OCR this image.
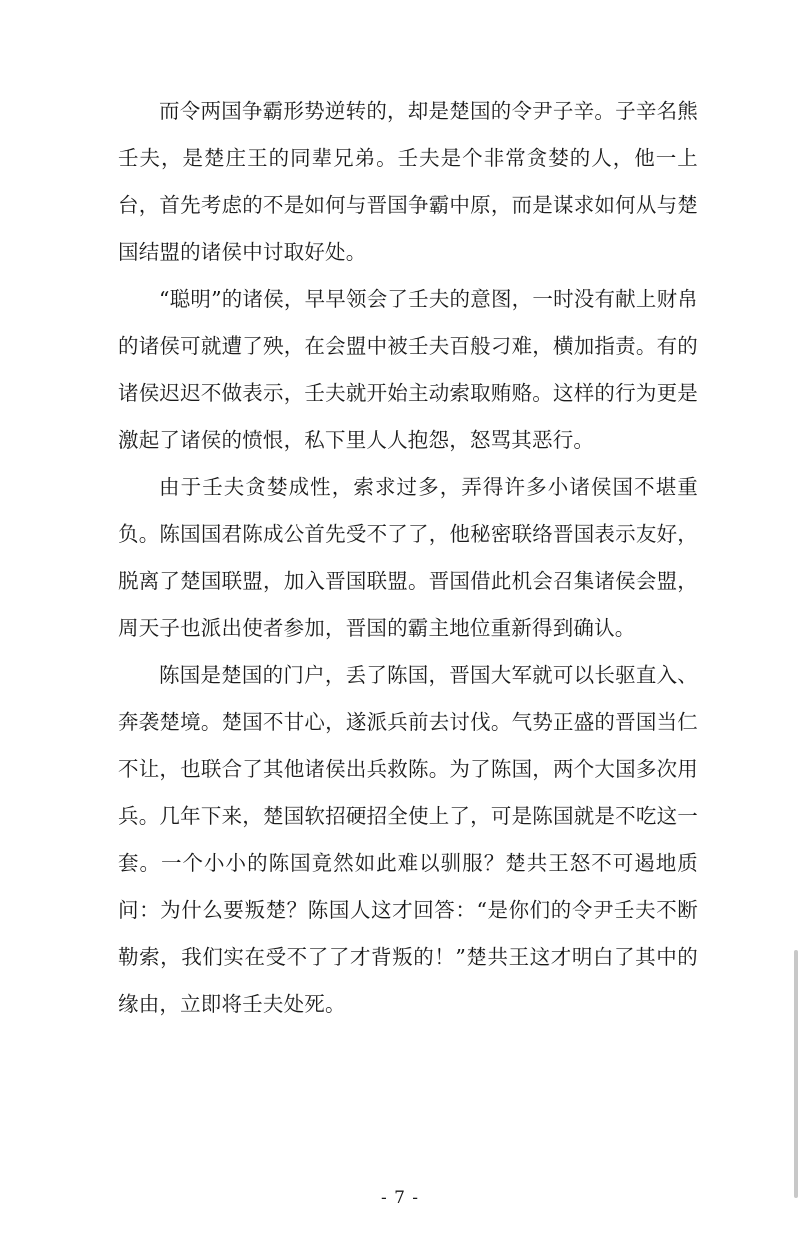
而令两国争霸形势逆转的，却是楚国的令尹子辛。子辛名熊壬夫，是楚庄王的同辈兄弟。壬夫是个非常贪婪的人，他一上台，首先考虑的不是如何与晋国争霸中原，而是谋求如何从与楚国结盟的诸侯中讨取好处。

“聪明”的诸侯，早早领会了壬夫的意图，一时没有献上财帛的诸侯可就遭了殃，在会盟中被壬夫百般刁难，横加指责。有的诸侯迟迟不做表示，壬夫就开始主动索取贿赂。这样的行为更是激起了诸侯的愤恨，私下里人人抱怨，怒骂其恶行。

由于壬夫贪婪成性，索求过多，弄得许多小诸侯国不堪重负。陈国国君陈成公首先受不了了，他秘密联络晋国表示友好，脱离了楚国联盟，加入晋国联盟。晋国借此机会召集诸侯会盟，周天子也派出使者参加，晋国的霸主地位重新得到确认。

陈国是楚国的门户，丢了陈国，晋国大军就可以长驱直入、奔袭楚境。楚国不甘心，遂派兵前去讨伐。气势正盛的晋国当仁不让，也联合了其他诸侯出兵救陈。为了陈国，两个大国多次用兵。几年下来，楚国软招硬招全使上了，可是陈国就是不吃这一套。一个小小的陈国竟然如此难以驯服？楚共王怒不可遏地质问：为什么要叛楚？陈国人这才回答：“是你们的令尹壬夫不断勒索，我们实在受不了了才背叛的！”楚共王这才明白了其中的缘由，立即将壬夫处死。

- 7 -
